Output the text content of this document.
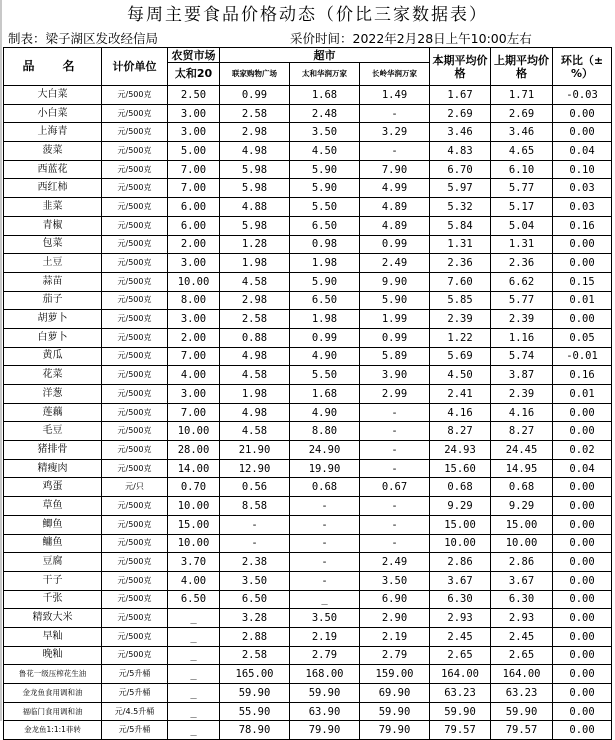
每周主要食品价格动态（价比三家数据表）
制表：梁子湖区发改经信局	采价时间：2022年2月28日上午10:00左右
品　名	计价单位	农贸市场	超市			本期平均价格	上期平均价格	环比（±%）
		太和20	联家购物广场	太和华润万家	长岭华润万家			
大白菜	元/500克	2.50	0.99	1.68	1.49	1.67	1.71	-0.03
小白菜	元/500克	3.00	2.58	2.48	-	2.69	2.69	0.00
上海青	元/500克	3.00	2.98	3.50	3.29	3.46	3.46	0.00
菠菜	元/500克	5.00	4.98	4.50	-	4.83	4.65	0.04
西蓝花	元/500克	7.00	5.98	5.90	7.90	6.70	6.10	0.10
西红柿	元/500克	7.00	5.98	5.90	4.99	5.97	5.77	0.03
韭菜	元/500克	6.00	4.88	5.50	4.89	5.32	5.17	0.03
青椒	元/500克	6.00	5.98	6.50	4.89	5.84	5.04	0.16
包菜	元/500克	2.00	1.28	0.98	0.99	1.31	1.31	0.00
土豆	元/500克	3.00	1.98	1.98	2.49	2.36	2.36	0.00
蒜苗	元/500克	10.00	4.58	5.90	9.90	7.60	6.62	0.15
茄子	元/500克	8.00	2.98	6.50	5.90	5.85	5.77	0.01
胡萝卜	元/500克	3.00	2.58	1.98	1.99	2.39	2.39	0.00
白萝卜	元/500克	2.00	0.88	0.99	0.99	1.22	1.16	0.05
黄瓜	元/500克	7.00	4.98	4.90	5.89	5.69	5.74	-0.01
花菜	元/500克	4.00	4.58	5.50	3.90	4.50	3.87	0.16
洋葱	元/500克	3.00	1.98	1.68	2.99	2.41	2.39	0.01
莲藕	元/500克	7.00	4.98	4.90	-	4.16	4.16	0.00
毛豆	元/500克	10.00	4.58	8.80	-	8.27	8.27	0.00
猪排骨	元/500克	28.00	21.90	24.90	-	24.93	24.45	0.02
精瘦肉	元/500克	14.00	12.90	19.90	-	15.60	14.95	0.04
鸡蛋	元/只	0.70	0.56	0.68	0.67	0.68	0.68	0.00
草鱼	元/500克	10.00	8.58	-	-	9.29	9.29	0.00
鲫鱼	元/500克	15.00	-	-	-	15.00	15.00	0.00
鳙鱼	元/500克	10.00	-	-	-	10.00	10.00	0.00
豆腐	元/500克	3.70	2.38	-	2.49	2.86	2.86	0.00
干子	元/500克	4.00	3.50	-	3.50	3.67	3.67	0.00
千张	元/500克	6.50	6.50	_	6.90	6.30	6.30	0.00
精致大米	元/500克	_	3.28	3.50	2.90	2.93	2.93	0.00
早籼	元/500克	_	2.88	2.19	2.19	2.45	2.45	0.00
晚籼	元/500克	_	2.58	2.79	2.79	2.65	2.65	0.00
鲁花一级压榨花生油	元/5升桶	_	165.00	168.00	159.00	164.00	164.00	0.00
金龙鱼食用调和油	元/5升桶	_	59.90	59.90	69.90	63.23	63.23	0.00
福临门食用调和油	元/4.5升桶	_	55.90	63.90	59.90	59.90	59.90	0.00
金龙鱼1:1:1菲转	元/5升桶	_	78.90	79.90	79.90	79.57	79.57	0.00
